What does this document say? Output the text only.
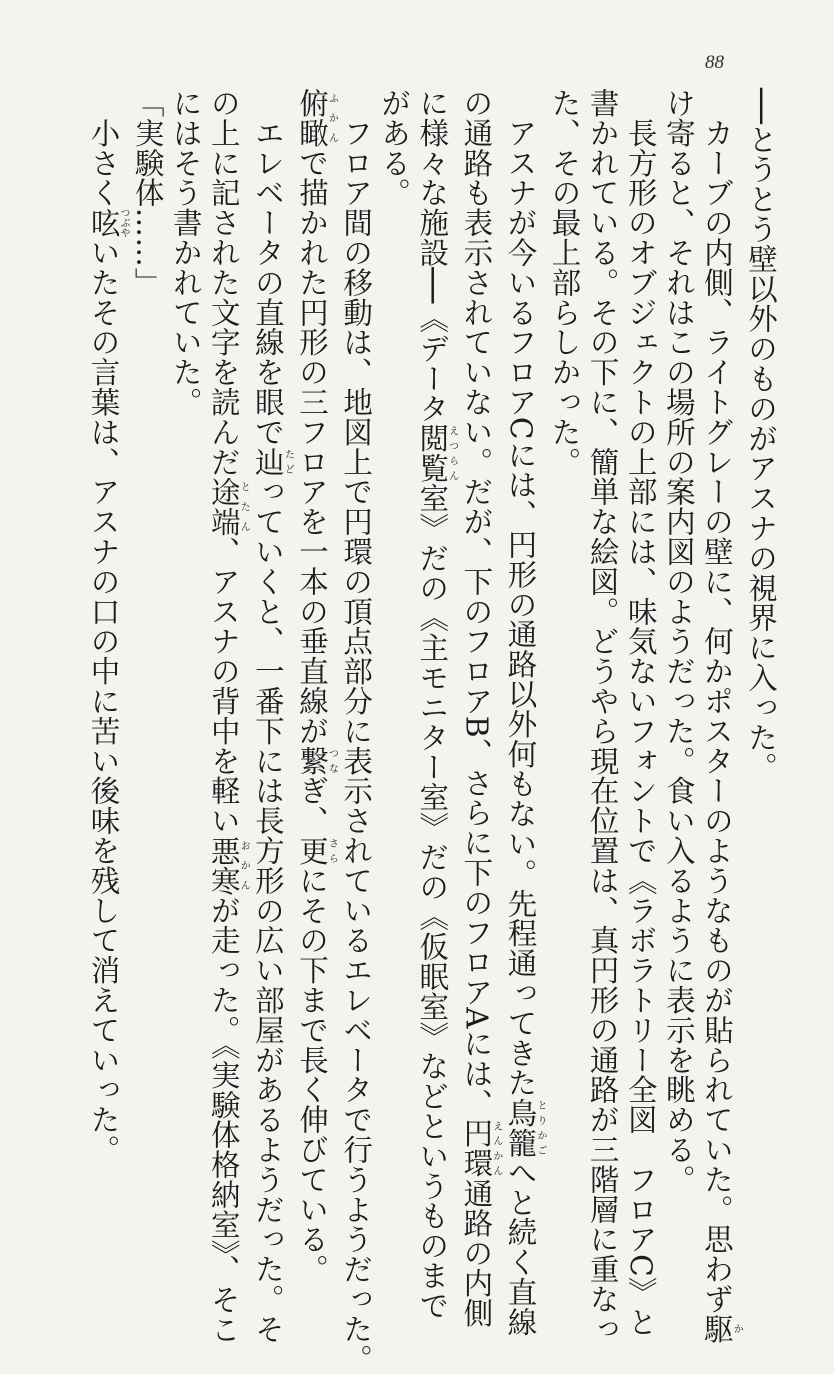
88
──とうとう壁以外のものがアスナの視界に入った。
　カーブの内側、ライトグレーの壁に、何かポスターのようなものが貼られていた。思わず駆か
け寄ると、それはこの場所の案内図のようだった。食い入るように表示を眺める。
　長方形のオブジェクトの上部には、味気ないフォントで《ラボラトリー全図　フロアC》と
書かれている。その下に、簡単な絵図。どうやら現在位置は、真円形の通路が三階層に重なっ
た、その最上部らしかった。
　アスナが今いるフロアCには、円形の通路以外何もない。先程通ってきた鳥籠とりかごへと続く直線
の通路も表示されていない。だが、下のフロアB、さらに下のフロアAには、円環えんかん通路の内側
に様々な施設──《データ閲覧えつらん室》だの《主モニター室》だの《仮眠室》などというものまで
がある。
　フロア間の移動は、地図上で円環の頂点部分に表示されているエレベータで行うようだった。
俯瞰ふかんで描かれた円形の三フロアを一本の垂直線が繋つなぎ、更さらにその下まで長く伸びている。
　エレベータの直線を眼で辿たどっていくと、一番下には長方形の広い部屋があるようだった。そ
の上に記された文字を読んだ途端とたん、アスナの背中を軽い悪寒おかんが走った。《実験体格納室》、そこ
にはそう書かれていた。
「実験体……」
　小さく呟つぶやいたその言葉は、アスナの口の中に苦い後味を残して消えていった。
